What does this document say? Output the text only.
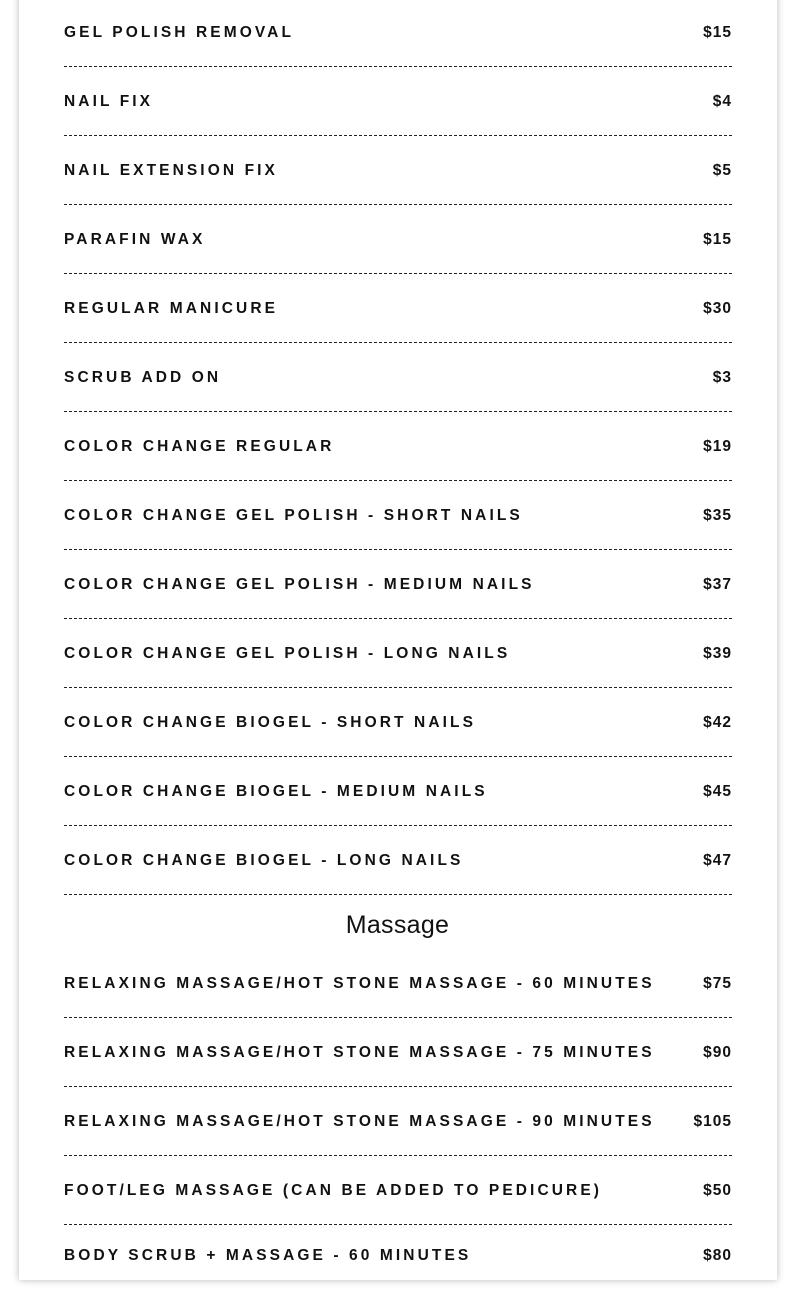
GEL POLISH REMOVAL	$15
NAIL FIX	$4
NAIL EXTENSION FIX	$5
PARAFIN WAX	$15
REGULAR MANICURE	$30
SCRUB ADD ON	$3
COLOR CHANGE REGULAR	$19
COLOR CHANGE GEL POLISH - SHORT NAILS	$35
COLOR CHANGE GEL POLISH - MEDIUM NAILS	$37
COLOR CHANGE GEL POLISH - LONG NAILS	$39
COLOR CHANGE BIOGEL - SHORT NAILS	$42
COLOR CHANGE BIOGEL - MEDIUM NAILS	$45
COLOR CHANGE BIOGEL - LONG NAILS	$47
Massage
RELAXING MASSAGE/HOT STONE MASSAGE - 60 MINUTES	$75
RELAXING MASSAGE/HOT STONE MASSAGE - 75 MINUTES	$90
RELAXING MASSAGE/HOT STONE MASSAGE - 90 MINUTES	$105
FOOT/LEG MASSAGE (CAN BE ADDED TO PEDICURE)	$50
BODY SCRUB + MASSAGE - 60 MINUTES	$80
